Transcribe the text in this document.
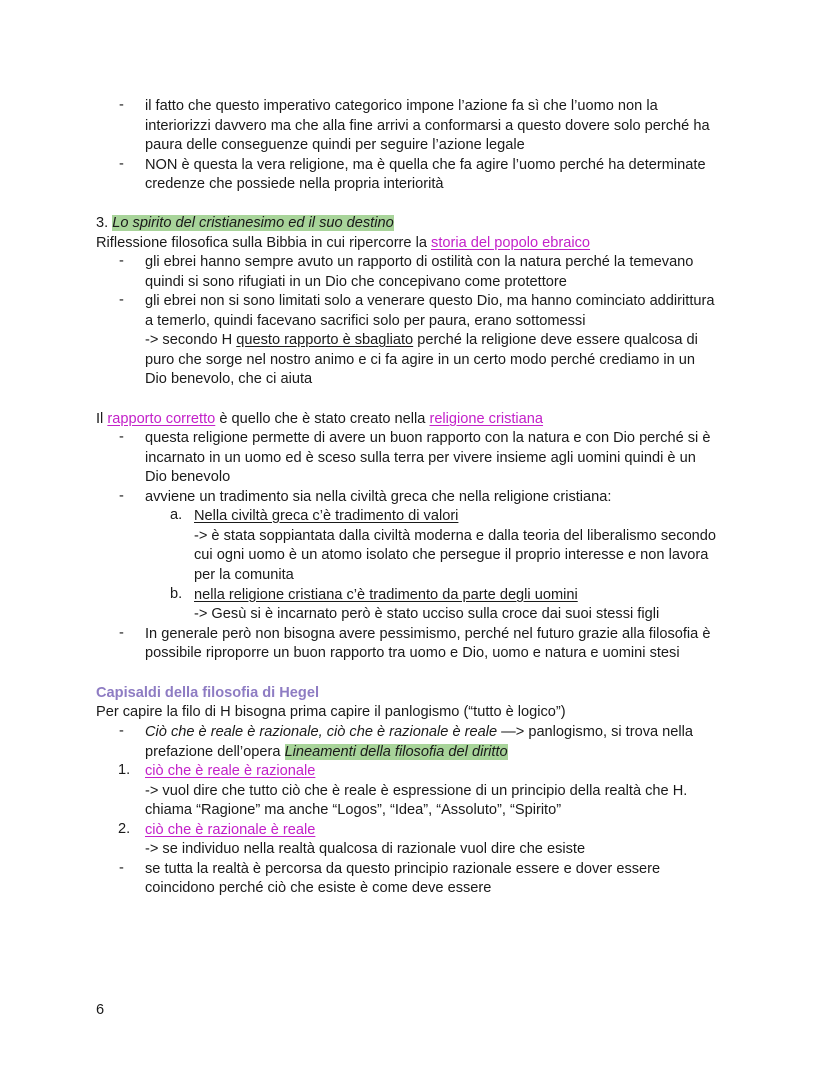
- il fatto che questo imperativo categorico impone l’azione fa sì che l’uomo non la
interiorizzi davvero ma che alla fine arrivi a conformarsi a questo dovere solo perché ha
paura delle conseguenze quindi per seguire l’azione legale
- NON è questa la vera religione, ma è quella che fa agire l’uomo perché ha determinate
credenze che possiede nella propria interiorità
3. Lo spirito del cristianesimo ed il suo destino
Riflessione filosofica sulla Bibbia in cui ripercorre la storia del popolo ebraico
- gli ebrei hanno sempre avuto un rapporto di ostilità con la natura perché la temevano
quindi si sono rifugiati in un Dio che concepivano come protettore
- gli ebrei non si sono limitati solo a venerare questo Dio, ma hanno cominciato addirittura
a temerlo, quindi facevano sacrifici solo per paura, erano sottomessi
-> secondo H questo rapporto è sbagliato perché la religione deve essere qualcosa di
puro che sorge nel nostro animo e ci fa agire in un certo modo perché crediamo in un
Dio benevolo, che ci aiuta
Il rapporto corretto è quello che è stato creato nella religione cristiana
- questa religione permette di avere un buon rapporto con la natura e con Dio perché si è
incarnato in un uomo ed è sceso sulla terra per vivere insieme agli uomini quindi è un
Dio benevolo
- avviene un tradimento sia nella civiltà greca che nella religione cristiana:
a. Nella civiltà greca c’è tradimento di valori
-> è stata soppiantata dalla civiltà moderna e dalla teoria del liberalismo secondo
cui ogni uomo è un atomo isolato che persegue il proprio interesse e non lavora
per la comunita
b. nella religione cristiana c’è tradimento da parte degli uomini
-> Gesù si è incarnato però è stato ucciso sulla croce dai suoi stessi figli
- In generale però non bisogna avere pessimismo, perché nel futuro grazie alla filosofia è
possibile riproporre un buon rapporto tra uomo e Dio, uomo e natura e uomini stesi
Capisaldi della filosofia di Hegel
Per capire la filo di H bisogna prima capire il panlogismo (“tutto è logico”)
- Ciò che è reale è razionale, ciò che è razionale è reale —> panlogismo, si trova nella
prefazione dell’opera Lineamenti della filosofia del diritto
1. ciò che è reale è razionale
-> vuol dire che tutto ciò che è reale è espressione di un principio della realtà che H.
chiama “Ragione” ma anche “Logos”, “Idea”, “Assoluto”, “Spirito”
2. ciò che è razionale è reale
-> se individuo nella realtà qualcosa di razionale vuol dire che esiste
- se tutta la realtà è percorsa da questo principio razionale essere e dover essere
coincidono perché ciò che esiste è come deve essere
6
